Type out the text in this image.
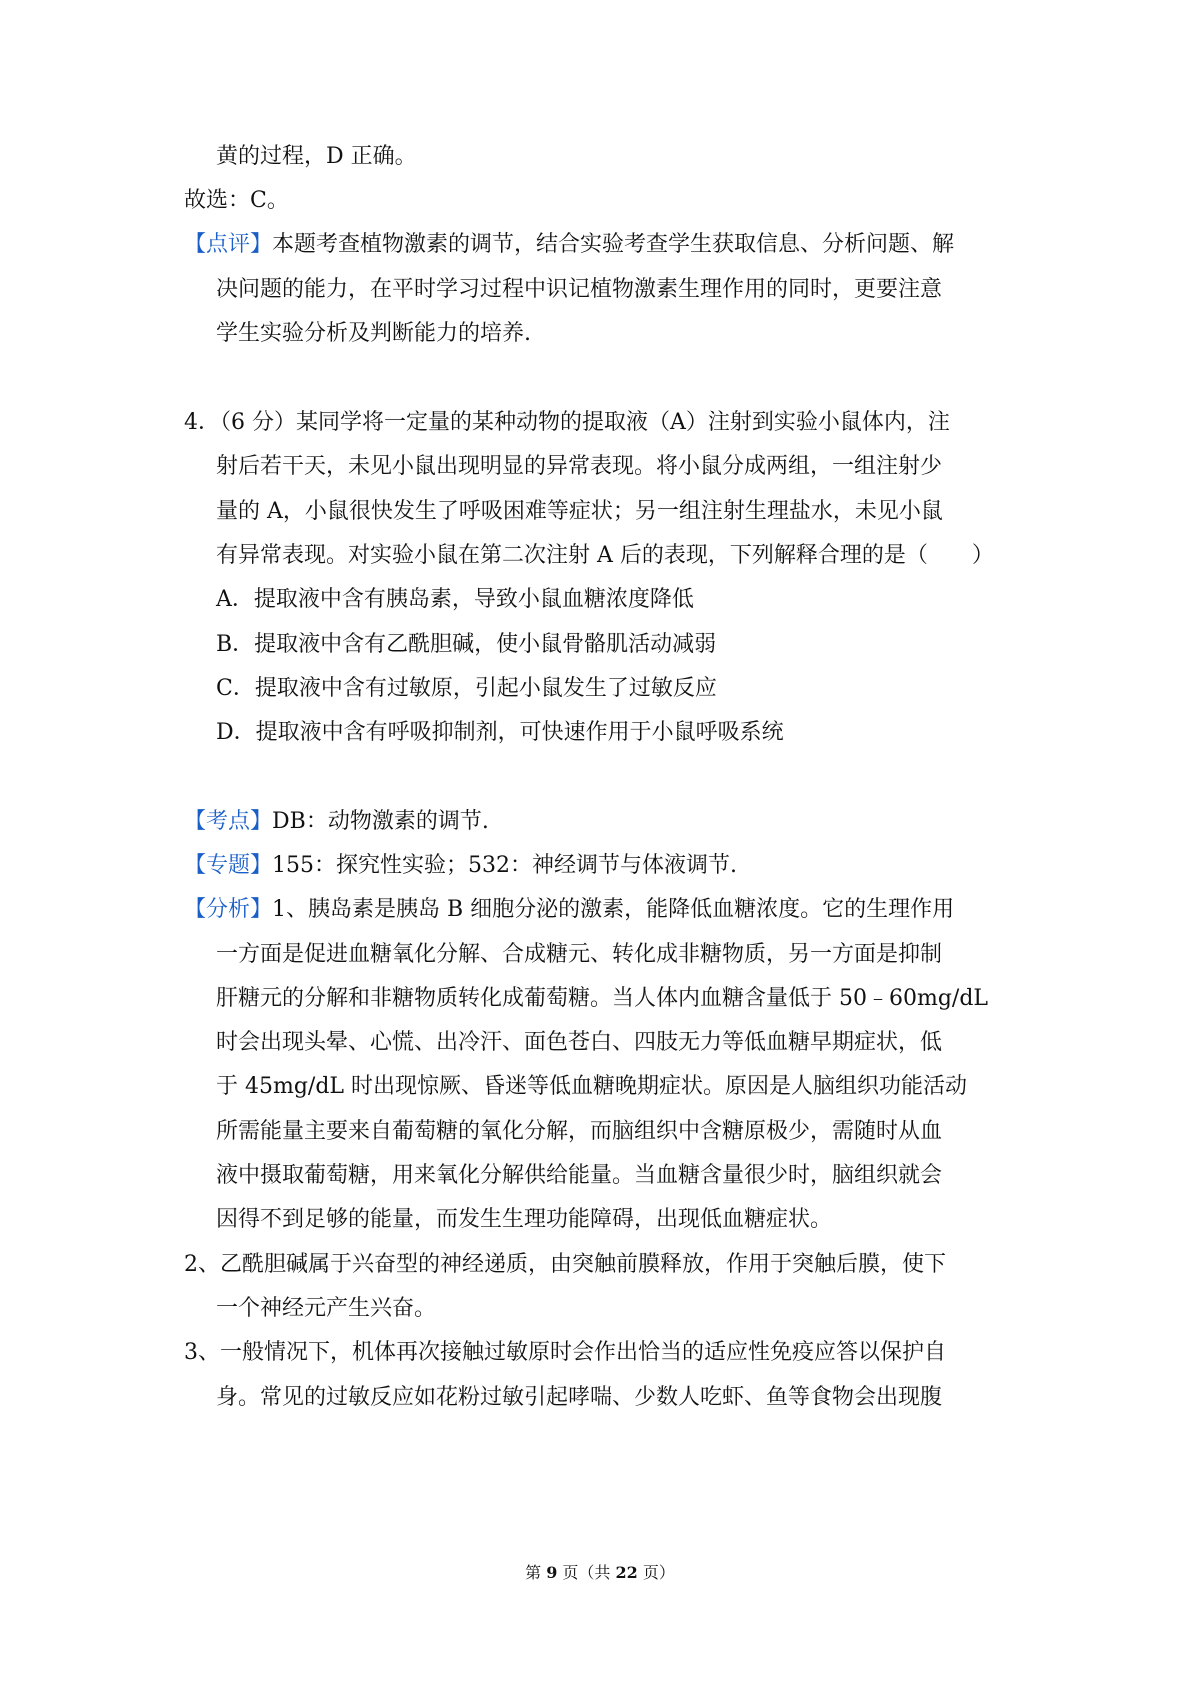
黄的过程，D 正确。
故选：C。
【点评】本题考查植物激素的调节，结合实验考查学生获取信息、分析问题、解
决问题的能力，在平时学习过程中识记植物激素生理作用的同时，更要注意
学生实验分析及判断能力的培养.
4．（6 分）某同学将一定量的某种动物的提取液（A）注射到实验小鼠体内，注
射后若干天，未见小鼠出现明显的异常表现。将小鼠分成两组，一组注射少
量的 A，小鼠很快发生了呼吸困难等症状；另一组注射生理盐水，未见小鼠
有异常表现。对实验小鼠在第二次注射 A 后的表现，下列解释合理的是（　　）
A．提取液中含有胰岛素，导致小鼠血糖浓度降低
B．提取液中含有乙酰胆碱，使小鼠骨骼肌活动减弱
C．提取液中含有过敏原，引起小鼠发生了过敏反应
D．提取液中含有呼吸抑制剂，可快速作用于小鼠呼吸系统
【考点】DB：动物激素的调节.
【专题】155：探究性实验；532：神经调节与体液调节.
【分析】1、胰岛素是胰岛 B 细胞分泌的激素，能降低血糖浓度。它的生理作用
一方面是促进血糖氧化分解、合成糖元、转化成非糖物质，另一方面是抑制
肝糖元的分解和非糖物质转化成葡萄糖。当人体内血糖含量低于 50﹣60mg/dL
时会出现头晕、心慌、出冷汗、面色苍白、四肢无力等低血糖早期症状，低
于 45mg/dL 时出现惊厥、昏迷等低血糖晚期症状。原因是人脑组织功能活动
所需能量主要来自葡萄糖的氧化分解，而脑组织中含糖原极少，需随时从血
液中摄取葡萄糖，用来氧化分解供给能量。当血糖含量很少时，脑组织就会
因得不到足够的能量，而发生生理功能障碍，出现低血糖症状。
2、乙酰胆碱属于兴奋型的神经递质，由突触前膜释放，作用于突触后膜，使下
一个神经元产生兴奋。
3、一般情况下，机体再次接触过敏原时会作出恰当的适应性免疫应答以保护自
身。常见的过敏反应如花粉过敏引起哮喘、少数人吃虾、鱼等食物会出现腹
第 9 页（共 22 页）
